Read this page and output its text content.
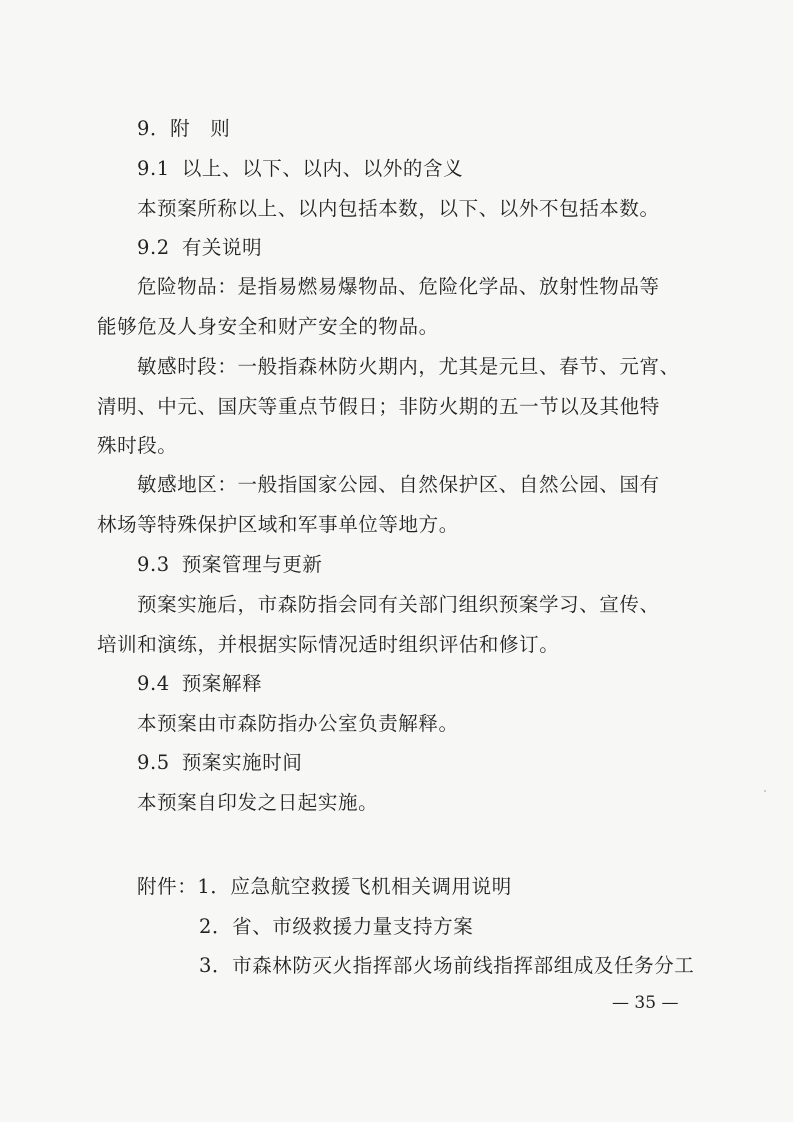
9．附　则
9.1 以上、以下、以内、以外的含义
本预案所称以上、以内包括本数，以下、以外不包括本数。
9.2 有关说明
危险物品：是指易燃易爆物品、危险化学品、放射性物品等
能够危及人身安全和财产安全的物品。
敏感时段：一般指森林防火期内，尤其是元旦、春节、元宵、
清明、中元、国庆等重点节假日；非防火期的五一节以及其他特
殊时段。
敏感地区：一般指国家公园、自然保护区、自然公园、国有
林场等特殊保护区域和军事单位等地方。
9.3 预案管理与更新
预案实施后，市森防指会同有关部门组织预案学习、宣传、
培训和演练，并根据实际情况适时组织评估和修订。
9.4 预案解释
本预案由市森防指办公室负责解释。
9.5 预案实施时间
本预案自印发之日起实施。
附件：1．应急航空救援飞机相关调用说明
2．省、市级救援力量支持方案
3．市森林防灭火指挥部火场前线指挥部组成及任务分工
— 35 —
